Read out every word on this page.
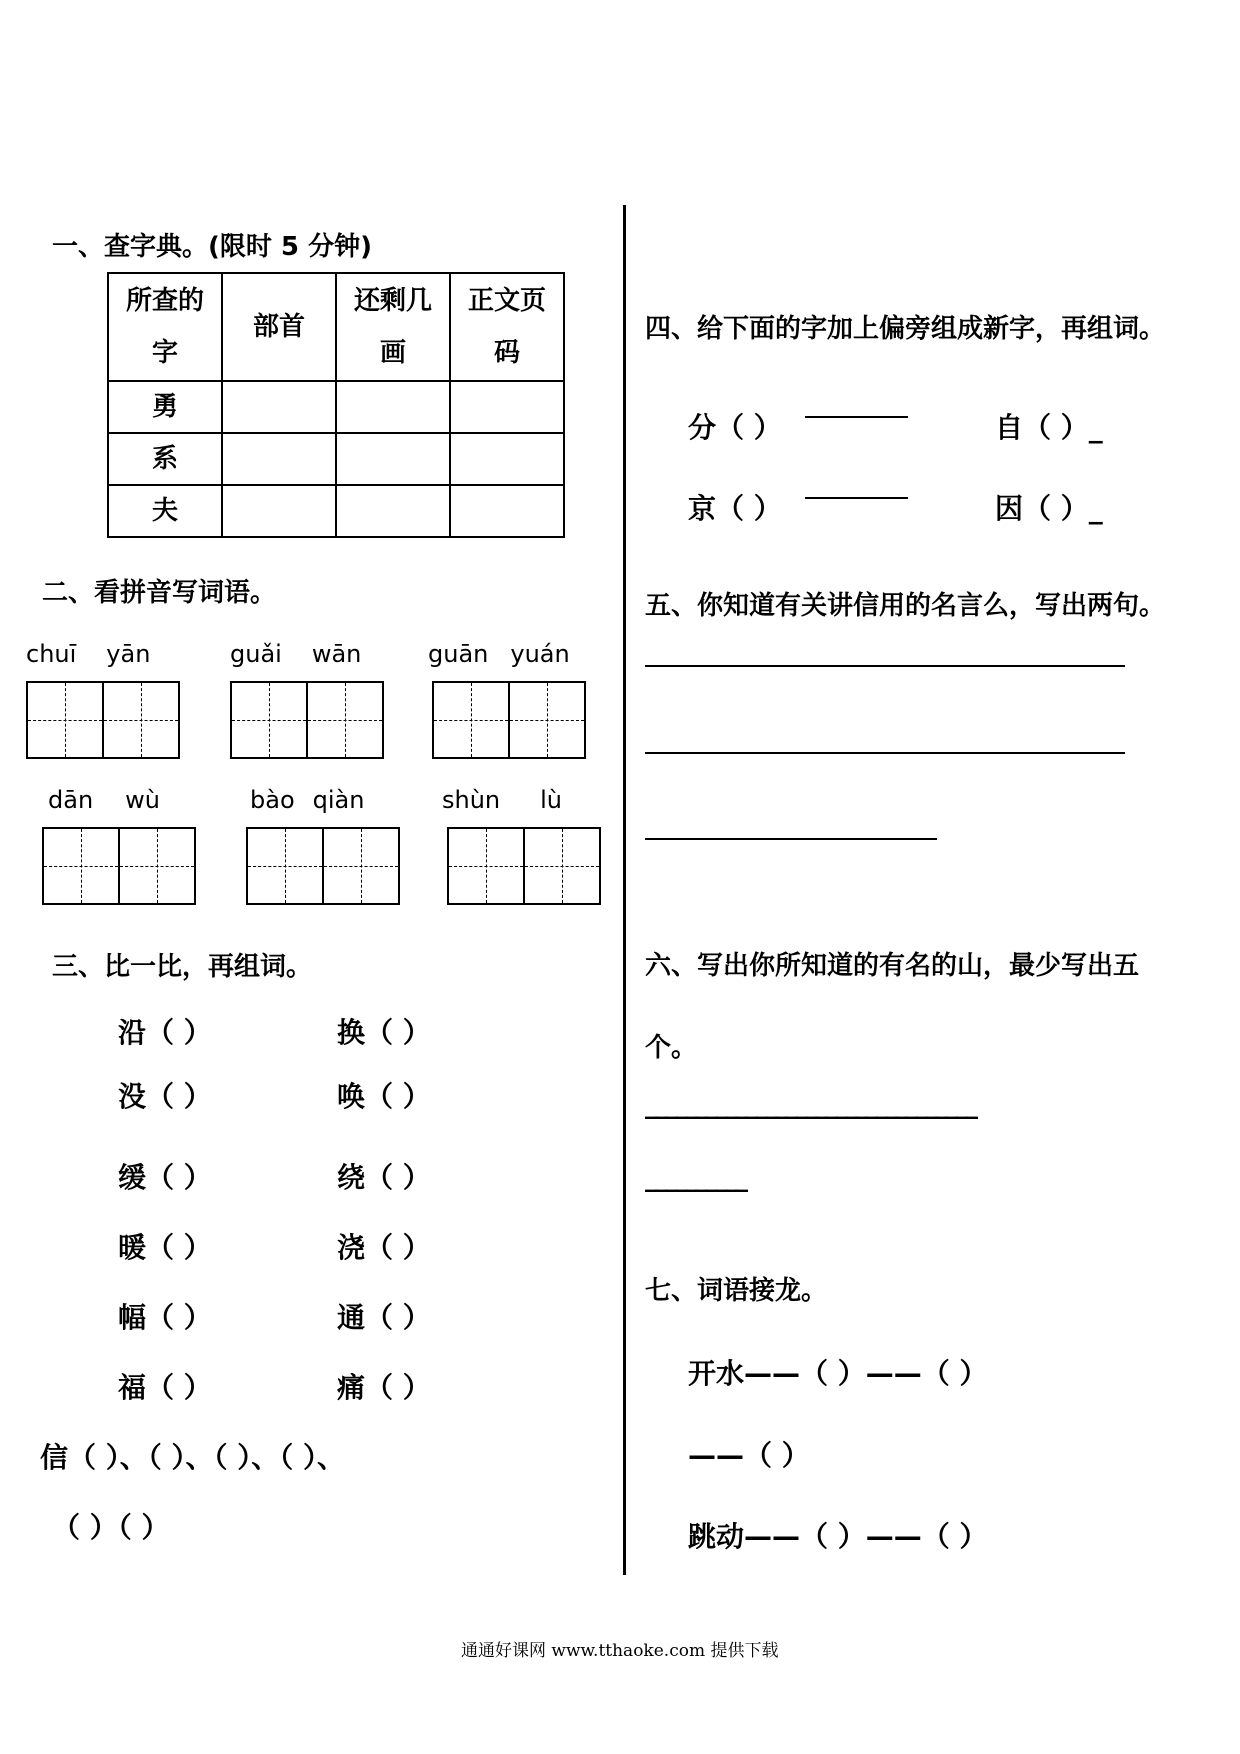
一、查字典。(限时 5 分钟)
所查的字	部首	还剩几画	正文页码

勇			
系			
夫			
二、看拼音写词语。
chuī yān	guǎi wān	guān yuán
dān wù	bào qiàn	shùn lù
三、比一比，再组词。
沿（ ）	换（ ）
没（ ）	唤（ ）
缓（ ）	绕（ ）
暖（ ）	浇（ ）
幅（ ）	通（ ）
福（ ）	痛（ ）
信（ ）、（ ）、（ ）、（ ）、
（ ）（ ）
四、给下面的字加上偏旁组成新字，再组词。
分（ ）	自（ ）_
京（ ）	因（ ）_
五、你知道有关讲信用的名言么，写出两句。
六、写出你所知道的有名的山，最少写出五
个。
_________________________________
__________
七、词语接龙。
开水——（ ）——（ ）
——（ ）
跳动——（ ）——（ ）
通通好课网 www.tthaoke.com 提供下载
